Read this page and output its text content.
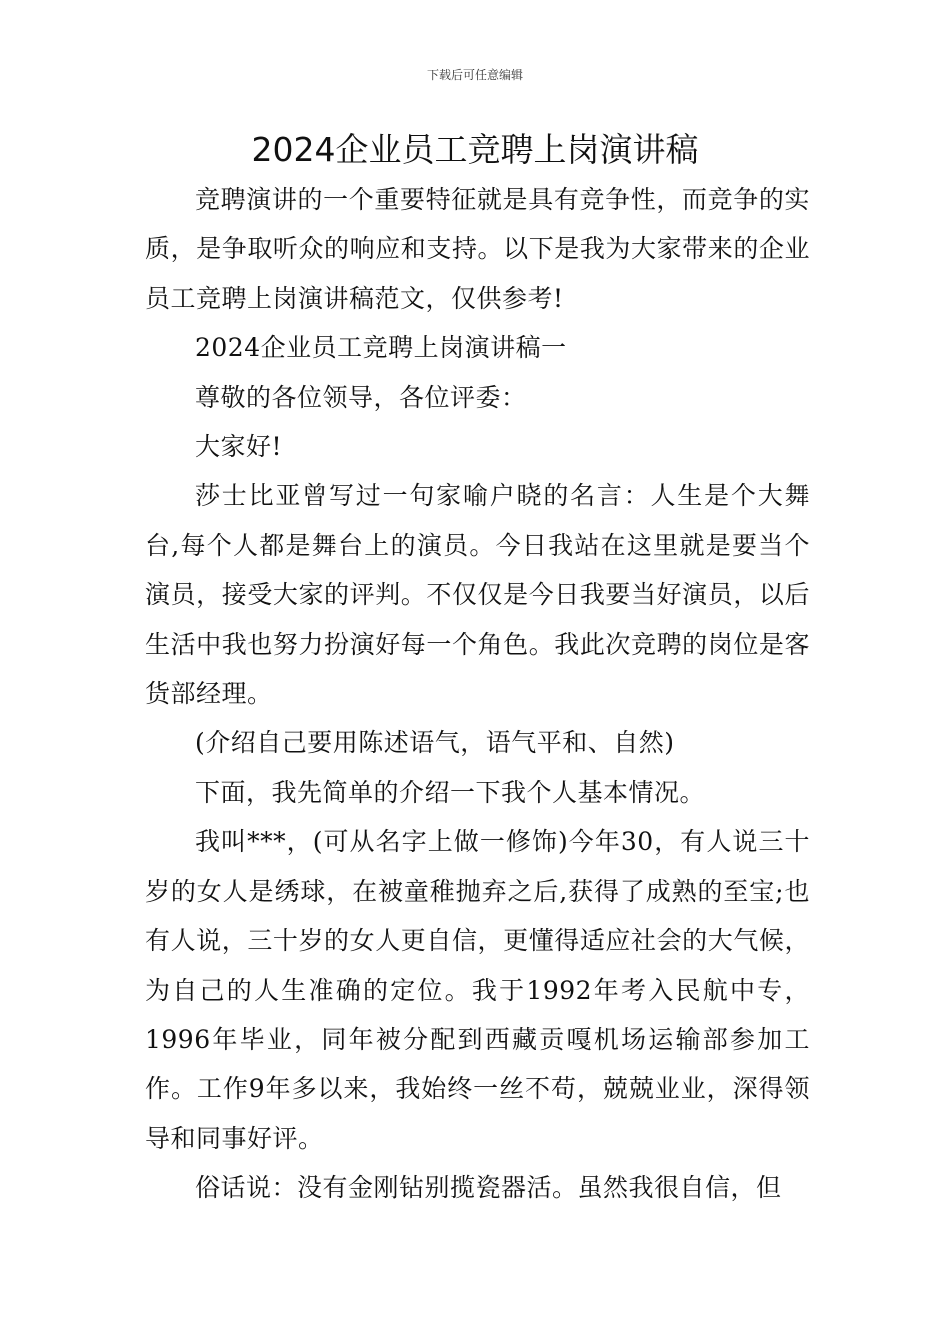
下载后可任意编辑
2024企业员工竞聘上岗演讲稿

竞聘演讲的一个重要特征就是具有竞争性，而竞争的实质，是争取听众的响应和支持。以下是我为大家带来的企业员工竞聘上岗演讲稿范文，仅供参考!

2024企业员工竞聘上岗演讲稿一

尊敬的各位领导，各位评委：

大家好!

莎士比亚曾写过一句家喻户晓的名言：人生是个大舞台,每个人都是舞台上的演员。今日我站在这里就是要当个演员，接受大家的评判。不仅仅是今日我要当好演员，以后生活中我也努力扮演好每一个角色。我此次竞聘的岗位是客货部经理。

(介绍自己要用陈述语气，语气平和、自然)

下面，我先简单的介绍一下我个人基本情况。

我叫***，(可从名字上做一修饰)今年30，有人说三十岁的女人是绣球，在被童稚抛弃之后,获得了成熟的至宝;也有人说，三十岁的女人更自信，更懂得适应社会的大气候，为自己的人生准确的定位。我于1992年考入民航中专，1996年毕业，同年被分配到西藏贡嘎机场运输部参加工作。工作9年多以来，我始终一丝不苟，兢兢业业，深得领导和同事好评。

俗话说：没有金刚钻别揽瓷器活。虽然我很自信，但
